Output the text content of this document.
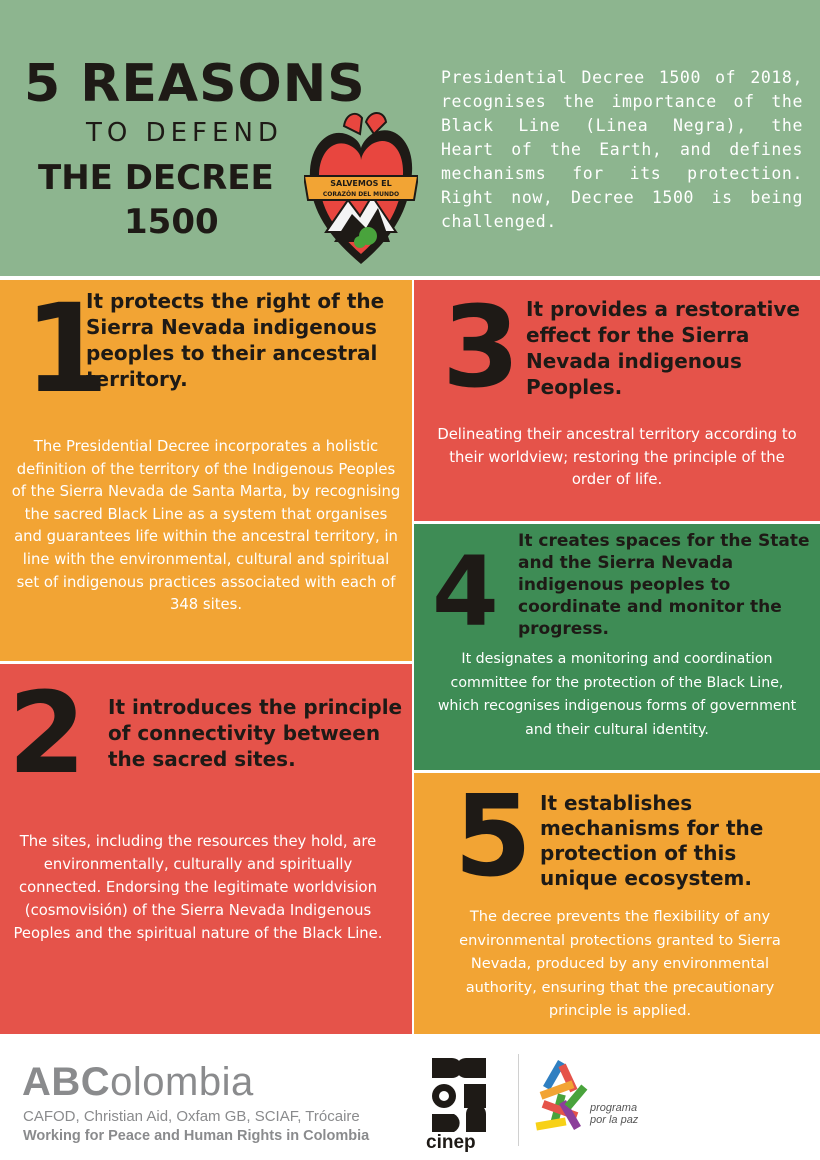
5 REASONS
TO DEFEND
THE DECREE
1500
SALVEMOS EL
CORAZÓN DEL MUNDO
Presidential Decree 1500 of 2018, recognises the importance of the Black Line (Linea Negra), the Heart of the Earth, and defines mechanisms for its protection. Right now, Decree 1500 is being challenged.
1
It protects the right of the Sierra Nevada indigenous peoples to their ancestral territory.
The Presidential Decree incorporates a holistic definition of the territory of the Indigenous Peoples of the Sierra Nevada de Santa Marta, by recognising the sacred Black Line as a system that organises and guarantees life within the ancestral territory, in line with the environmental, cultural and spiritual set of indigenous practices associated with each of 348 sites.
2 It introduces the principle of connectivity between the sacred sites.
The sites, including the resources they hold, are environmentally, culturally and spiritually connected. Endorsing the legitimate worldvision (cosmovisión) of the Sierra Nevada Indigenous Peoples and the spiritual nature of the Black Line.
3 It provides a restorative effect for the Sierra Nevada indigenous Peoples.
Delineating their ancestral territory according to their worldview; restoring the principle of the order of life.
4 It creates spaces for the State and the Sierra Nevada indigenous peoples to coordinate and monitor the progress.
It designates a monitoring and coordination committee for the protection of the Black Line, which recognises indigenous forms of government and their cultural identity.
5 It establishes mechanisms for the protection of this unique ecosystem.
The decree prevents the flexibility of any environmental protections granted to Sierra Nevada, produced by any environmental authority, ensuring that the precautionary principle is applied.
ABColombia
CAFOD, Christian Aid, Oxfam GB, SCIAF, Trócaire
Working for Peace and Human Rights in Colombia	cinep
programa por la paz
